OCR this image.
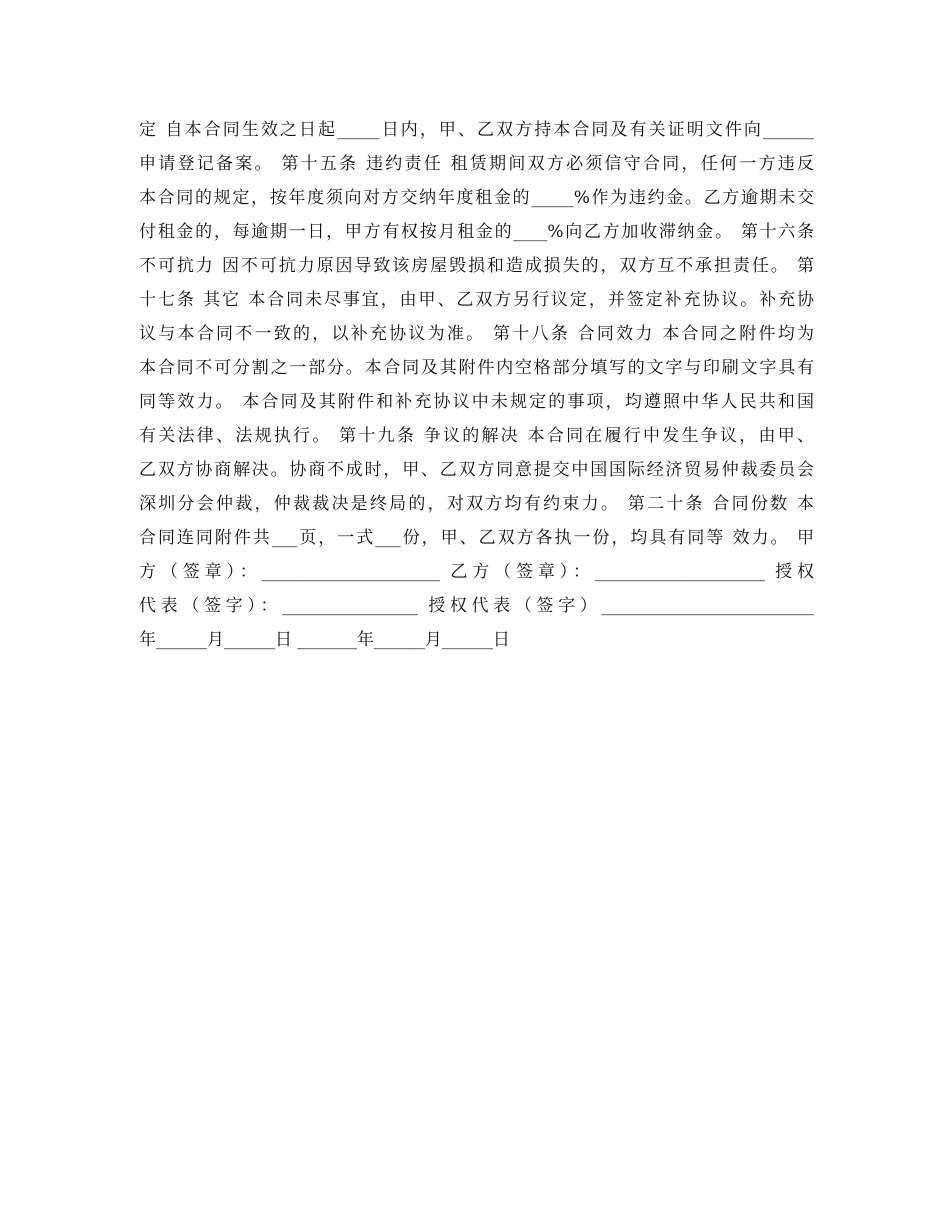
定 自本合同生效之日起_____日内，甲、乙双方持本合同及有关证明文件向______
申请登记备案。 第十五条 违约责任 租赁期间双方必须信守合同，任何一方违反
本合同的规定，按年度须向对方交纳年度租金的_____%作为违约金。乙方逾期未交
付租金的，每逾期一日，甲方有权按月租金的____%向乙方加收滞纳金。 第十六条
不可抗力 因不可抗力原因导致该房屋毁损和造成损失的，双方互不承担责任。 第
十七条 其它 本合同未尽事宜，由甲、乙双方另行议定，并签定补充协议。补充协
议与本合同不一致的，以补充协议为准。 第十八条 合同效力 本合同之附件均为
本合同不可分割之一部分。本合同及其附件内空格部分填写的文字与印刷文字具有
同等效力。 本合同及其附件和补充协议中未规定的事项，均遵照中华人民共和国
有关法律、法规执行。 第十九条 争议的解决 本合同在履行中发生争议，由甲、
乙双方协商解决。协商不成时，甲、乙双方同意提交中国国际经济贸易仲裁委员会
深圳分会仲裁，仲裁裁决是终局的，对双方均有约束力。 第二十条 合同份数 本
合同连同附件共___页，一式___份，甲、乙双方各执一份，均具有同等 效力。 甲
方（签章）：_____________________ 乙方（签章）：____________________ 授权
代表（签字）：________________ 授权代表（签字）_________________________
年______月______日 _______年______月______日
